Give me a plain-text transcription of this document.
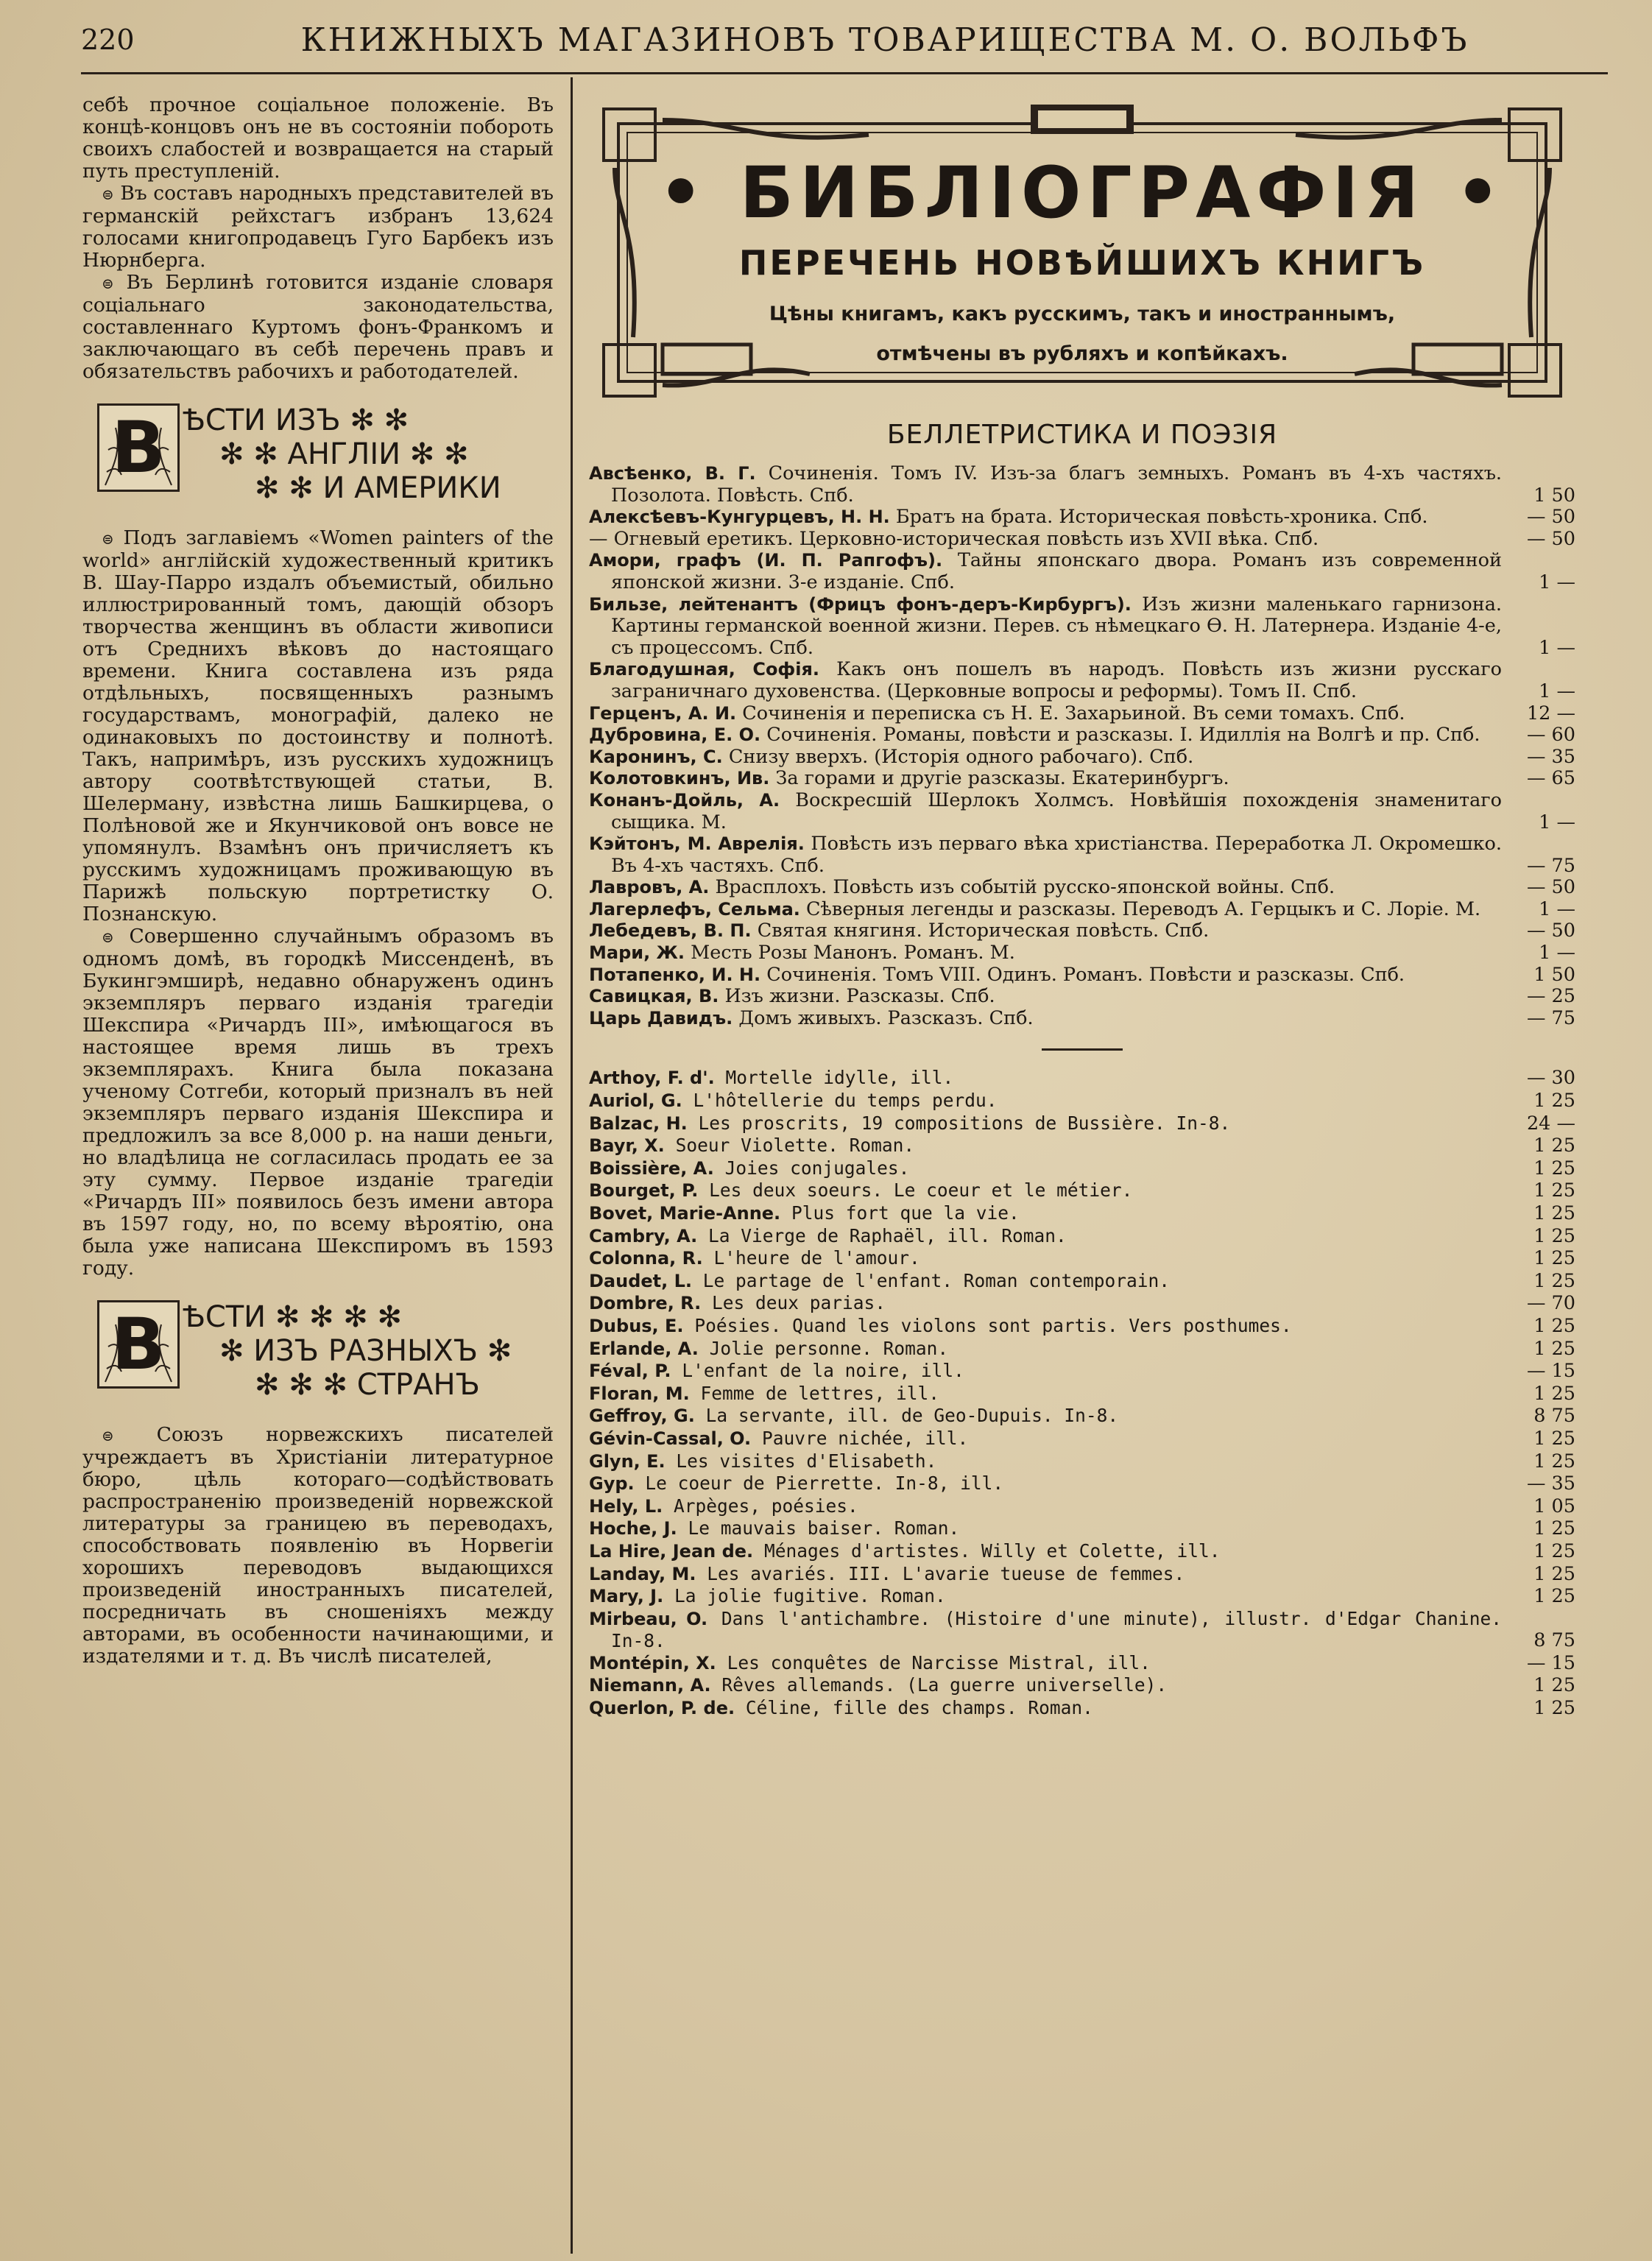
220	КНИЖНЫХЪ МАГАЗИНОВЪ ТОВАРИЩЕСТВА М. О. ВОЛЬФЪ

себѣ прочное соціальное положеніе. Въ концѣ-концовъ онъ не въ состояніи побороть своихъ слабостей и возвращается на старый путь преступленій.

⊜ Въ составъ народныхъ представителей въ германскій рейхстагъ избранъ 13,624 голосами книгопродавецъ Гуго Барбекъ изъ Нюрнберга.

⊜ Въ Берлинѣ готовится изданіе словаря соціальнаго законодательства, составленнаго Куртомъ фонъ-Франкомъ и заключающаго въ себѣ перечень правъ и обязательствъ рабочихъ и работодателей.

В ѢСТИ ИЗЪ ✻ ✻
✻ ✻ АНГЛІИ ✻ ✻
✻ ✻ И АМЕРИКИ

⊜ Подъ заглавіемъ «Women painters of the world» англійскій художественный критикъ В. Шау-Парро издалъ объемистый, обильно иллюстрированный томъ, дающій обзоръ творчества женщинъ въ области живописи отъ Среднихъ вѣковъ до настоящаго времени. Книга составлена изъ ряда отдѣльныхъ, посвященныхъ разнымъ государствамъ, монографій, далеко не одинаковыхъ по достоинству и полнотѣ. Такъ, напримѣръ, изъ русскихъ художницъ автору соотвѣтствующей статьи, В. Шелерману, извѣстна лишь Башкирцева, о Полѣновой же и Якунчиковой онъ вовсе не упомянулъ. Взамѣнъ онъ причисляетъ къ русскимъ художницамъ проживающую въ Парижѣ польскую портретистку О. Познанскую.

⊜ Совершенно случайнымъ образомъ въ одномъ домѣ, въ городкѣ Миссенденѣ, въ Букингэмширѣ, недавно обнаруженъ одинъ экземпляръ перваго изданія трагедіи Шекспира «Ричардъ III», имѣющагося въ настоящее время лишь въ трехъ экземплярахъ. Книга была показана ученому Сотгеби, который призналъ въ ней экземпляръ перваго изданія Шекспира и предложилъ за все 8,000 р. на наши деньги, но владѣлица не согласилась продать ее за эту сумму. Первое изданіе трагедіи «Ричардъ III» появилось безъ имени автора въ 1597 году, но, по всему вѣроятію, она была уже написана Шекспиромъ въ 1593 году.

В ѢСТИ ✻ ✻ ✻ ✻
✻ ИЗЪ РАЗНЫХЪ ✻
✻ ✻ ✻ СТРАНЪ

⊜ Союзъ норвежскихъ писателей учреждаетъ въ Христіаніи литературное бюро, цѣль котораго—содѣйствовать распространенію произведеній норвежской литературы за границею въ переводахъ, способствовать появленію въ Норвегіи хорошихъ переводовъ выдающихся произведеній иностранныхъ писателей, посредничать въ сношеніяхъ между авторами, въ особенности начинающими, и издателями и т. д. Въ числѣ писателей,

• БИБЛІОГРАФІЯ •
ПЕРЕЧЕНЬ НОВѢЙШИХЪ КНИГЪ
Цѣны книгамъ, какъ русскимъ, такъ и иностраннымъ,
отмѣчены въ рубляхъ и копѣйкахъ.
БЕЛЛЕТРИСТИКА И ПОЭЗІЯ
Авсѣенко, В. Г. Сочиненія. Томъ IV. Изъ-за благъ земныхъ. Романъ въ 4-хъ частяхъ. Позолота. Повѣсть. Спб.	1 50
Алексѣевъ-Кунгурцевъ, Н. Н. Братъ на брата. Историческая повѣсть-хроника. Спб.	— 50
— Огневый еретикъ. Церковно-историческая повѣсть изъ XVII вѣка. Спб.	— 50
Амори, графъ (И. П. Рапгофъ). Тайны японскаго двора. Романъ изъ современной японской жизни. 3-е изданіе. Спб.	1 —
Бильзе, лейтенантъ (Фрицъ фонъ-деръ-Кирбургъ). Изъ жизни маленькаго гарнизона. Картины германской военной жизни. Перев. съ нѣмецкаго Ѳ. Н. Латернера. Изданіе 4-е, съ процессомъ. Спб.	1 —
Благодушная, Софія. Какъ онъ пошелъ въ народъ. Повѣсть изъ жизни русскаго заграничнаго духовенства. (Церковные вопросы и реформы). Томъ II. Спб.	1 —
Герценъ, А. И. Сочиненія и переписка съ Н. Е. Захарьиной. Въ семи томахъ. Спб.	12 —
Дубровина, Е. О. Сочиненія. Романы, повѣсти и разсказы. I. Идиллія на Волгѣ и пр. Спб.	— 60
Каронинъ, С. Снизу вверхъ. (Исторія одного рабочаго). Спб.	— 35
Колотовкинъ, Ив. За горами и другіе разсказы. Екатеринбургъ.	— 65
Конанъ-Дойль, А. Воскресшій Шерлокъ Холмсъ. Новѣйшія похожденія знаменитаго сыщика. М.	1 —
Кэйтонъ, М. Аврелія. Повѣсть изъ перваго вѣка христіанства. Переработка Л. Окромешко. Въ 4-хъ частяхъ. Спб.	— 75
Лавровъ, А. Врасплохъ. Повѣсть изъ событій русско-японской войны. Спб.	— 50
Лагерлефъ, Сельма. Сѣверныя легенды и разсказы. Переводъ А. Герцыкъ и С. Лоріе. М.	1 —
Лебедевъ, В. П. Святая княгиня. Историческая повѣсть. Спб.	— 50
Мари, Ж. Месть Розы Манонъ. Романъ. М.	1 —
Потапенко, И. Н. Сочиненія. Томъ VIII. Одинъ. Романъ. Повѣсти и разсказы. Спб.	1 50
Савицкая, В. Изъ жизни. Разсказы. Спб.	— 25
Царь Давидъ. Домъ живыхъ. Разсказъ. Спб.	— 75
Arthoy, F. d'. Mortelle idylle, ill.	— 30
Auriol, G. L'hôtellerie du temps perdu.	1 25
Balzac, H. Les proscrits, 19 compositions de Bussière. In-8.	24 —
Bayr, X. Soeur Violette. Roman.	1 25
Boissière, A. Joies conjugales.	1 25
Bourget, P. Les deux soeurs. Le coeur et le métier.	1 25
Bovet, Marie-Anne. Plus fort que la vie.	1 25
Cambry, A. La Vierge de Raphaël, ill. Roman.	1 25
Colonna, R. L'heure de l'amour.	1 25
Daudet, L. Le partage de l'enfant. Roman contemporain.	1 25
Dombre, R. Les deux parias.	— 70
Dubus, E. Poésies. Quand les violons sont partis. Vers posthumes.	1 25
Erlande, A. Jolie personne. Roman.	1 25
Féval, P. L'enfant de la noire, ill.	— 15
Floran, M. Femme de lettres, ill.	1 25
Geffroy, G. La servante, ill. de Geo-Dupuis. In-8.	8 75
Gévin-Cassal, O. Pauvre nichée, ill.	1 25
Glyn, E. Les visites d'Elisabeth.	1 25
Gyp. Le coeur de Pierrette. In-8, ill.	— 35
Hely, L. Arpèges, poésies.	1 05
Hoche, J. Le mauvais baiser. Roman.	1 25
La Hire, Jean de. Ménages d'artistes. Willy et Colette, ill.	1 25
Landay, M. Les avariés. III. L'avarie tueuse de femmes.	1 25
Mary, J. La jolie fugitive. Roman.	1 25
Mirbeau, O. Dans l'antichambre. (Histoire d'une minute), illustr. d'Edgar Chanine. In-8.	8 75
Montépin, X. Les conquêtes de Narcisse Mistral, ill.	— 15
Niemann, A. Rêves allemands. (La guerre universelle).	1 25
Querlon, P. de. Céline, fille des champs. Roman.	1 25
